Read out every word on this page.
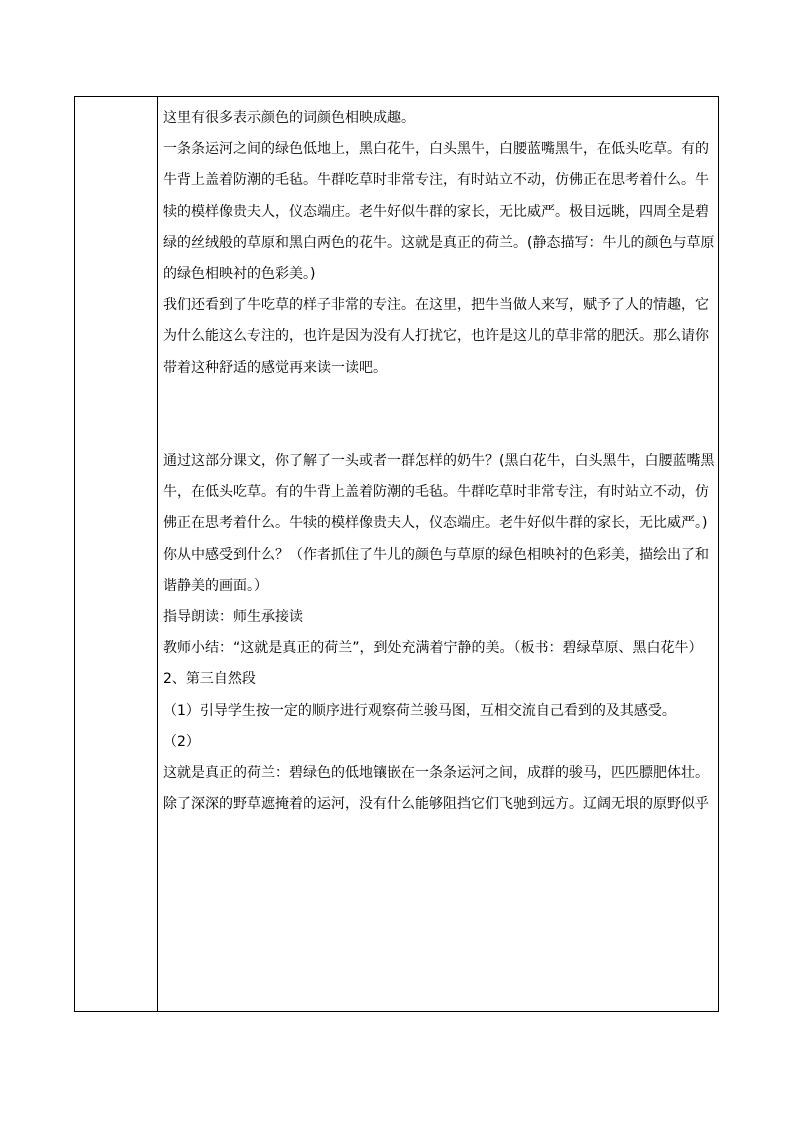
这里有很多表示颜色的词颜色相映成趣。

一条条运河之间的绿色低地上，黑白花牛，白头黑牛，白腰蓝嘴黑牛，在低头吃草。有的

牛背上盖着防潮的毛毡。牛群吃草时非常专注，有时站立不动，仿佛正在思考着什么。牛

犊的模样像贵夫人，仪态端庄。老牛好似牛群的家长，无比威严。极目远眺，四周全是碧

绿的丝绒般的草原和黑白两色的花牛。这就是真正的荷兰。(静态描写：牛儿的颜色与草原

的绿色相映衬的色彩美。)

我们还看到了牛吃草的样子非常的专注。在这里，把牛当做人来写，赋予了人的情趣，它

为什么能这么专注的，也许是因为没有人打扰它，也许是这儿的草非常的肥沃。那么请你

带着这种舒适的感觉再来读一读吧。

通过这部分课文，你了解了一头或者一群怎样的奶牛？(黑白花牛，白头黑牛，白腰蓝嘴黑

牛，在低头吃草。有的牛背上盖着防潮的毛毡。牛群吃草时非常专注，有时站立不动，仿

佛正在思考着什么。牛犊的模样像贵夫人，仪态端庄。老牛好似牛群的家长，无比威严。)

你从中感受到什么？（作者抓住了牛儿的颜色与草原的绿色相映衬的色彩美，描绘出了和

谐静美的画面。）

指导朗读：师生承接读

教师小结：“这就是真正的荷兰”，到处充满着宁静的美。（板书：碧绿草原、黑白花牛）

2、第三自然段

（1）引导学生按一定的顺序进行观察荷兰骏马图，互相交流自己看到的及其感受。

（2）

这就是真正的荷兰：碧绿色的低地镶嵌在一条条运河之间，成群的骏马，匹匹膘肥体壮。

除了深深的野草遮掩着的运河，没有什么能够阻挡它们飞驰到远方。辽阔无垠的原野似乎
